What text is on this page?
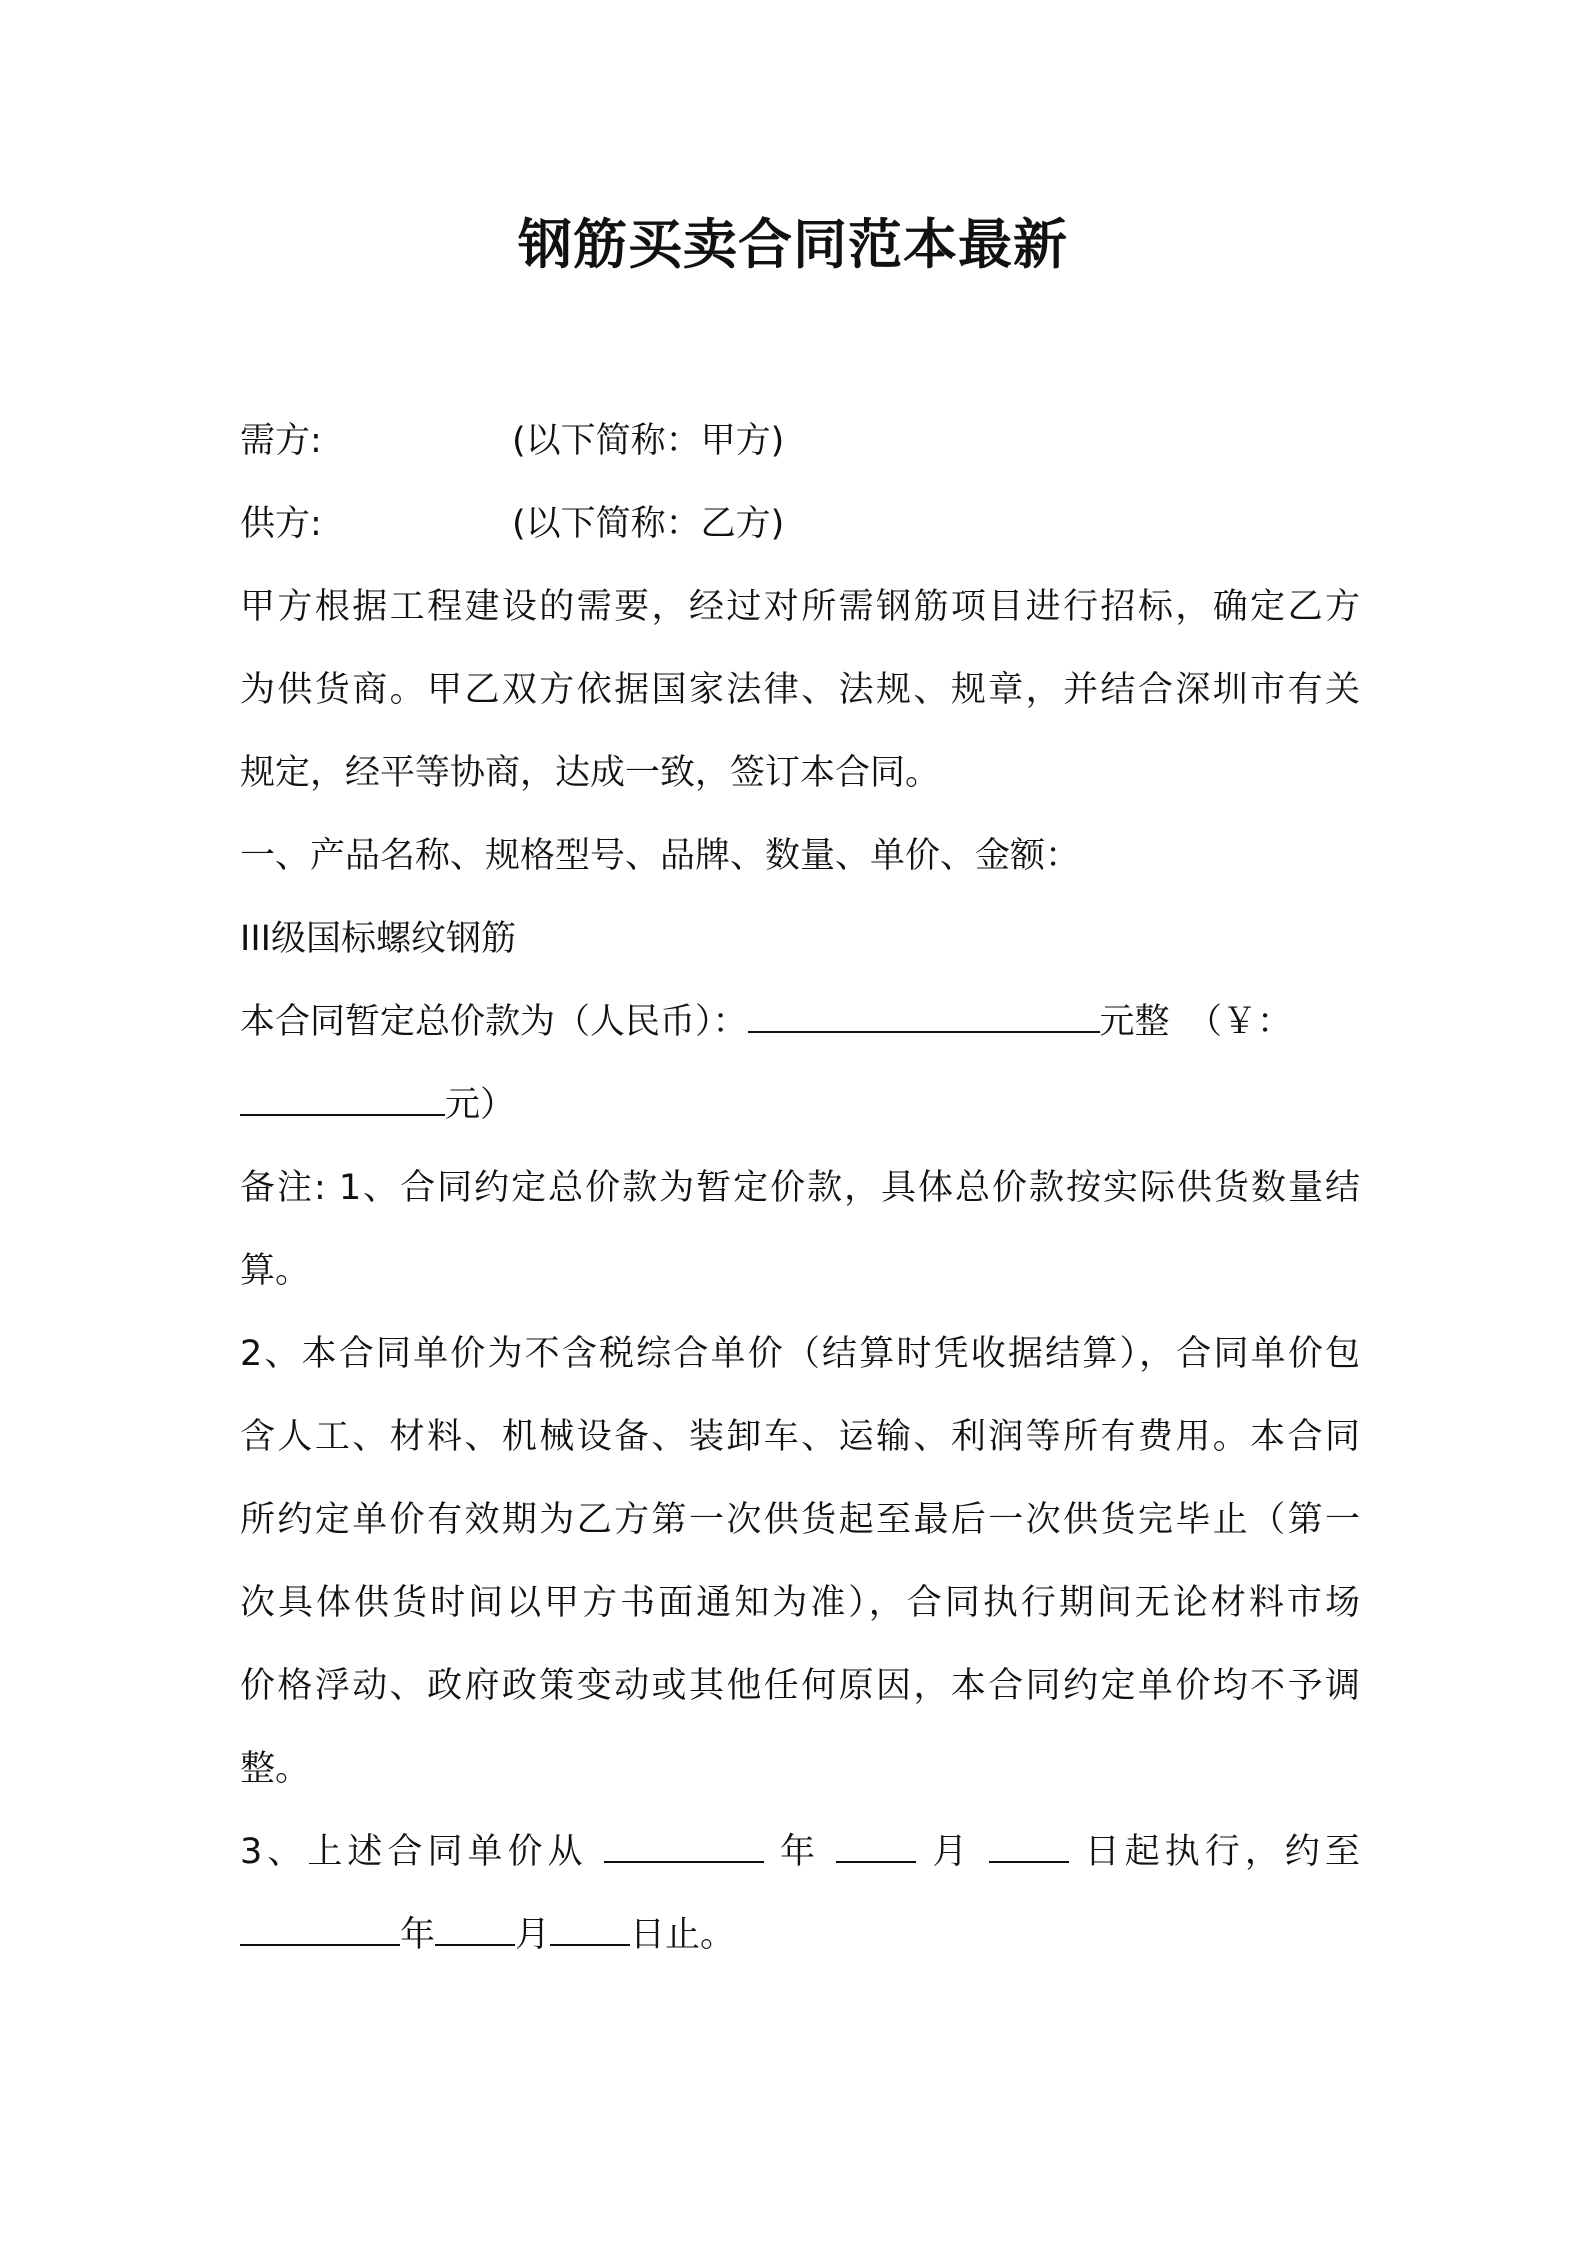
钢筋买卖合同范本最新
需方:	(以下简称：甲方)
供方:	(以下简称：乙方)
甲方根据工程建设的需要，经过对所需钢筋项目进行招标，确定乙方
为供货商。甲乙双方依据国家法律、法规、规章，并结合深圳市有关
规定，经平等协商，达成一致，签订本合同。
一、产品名称、规格型号、品牌、数量、单价、金额：
III级国标螺纹钢筋
本合同暂定总价款为（人民币）：	元整　（￥：
元）
备注: 1、合同约定总价款为暂定价款，具体总价款按实际供货数量结
算。
2、本合同单价为不含税综合单价（结算时凭收据结算），合同单价包
含人工、材料、机械设备、装卸车、运输、利润等所有费用。本合同
所约定单价有效期为乙方第一次供货起至最后一次供货完毕止（第一
次具体供货时间以甲方书面通知为准），合同执行期间无论材料市场
价格浮动、政府政策变动或其他任何原因，本合同约定单价均不予调
整。
3、上述合同单价从	年	月	日起执行，约至
年 月 日止。
